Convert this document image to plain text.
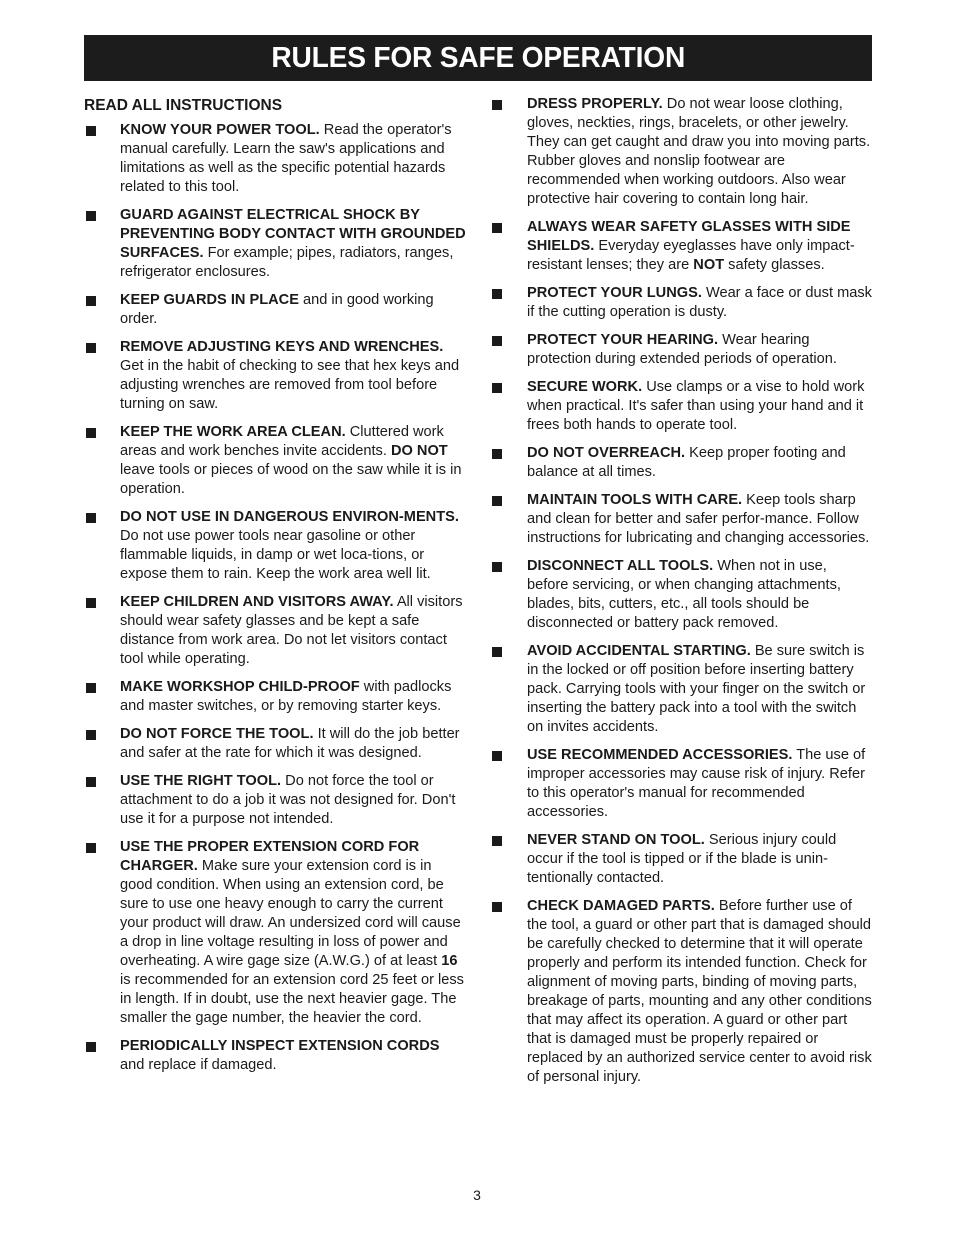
RULES FOR SAFE OPERATION
READ ALL INSTRUCTIONS
KNOW YOUR POWER TOOL. Read the operator's manual carefully. Learn the saw's applications and limitations as well as the specific potential hazards related to this tool.
GUARD AGAINST ELECTRICAL SHOCK BY PREVENTING BODY CONTACT WITH GROUNDED SURFACES. For example; pipes, radiators, ranges, refrigerator enclosures.
KEEP GUARDS IN PLACE and in good working order.
REMOVE ADJUSTING KEYS AND WRENCHES. Get in the habit of checking to see that hex keys and adjusting wrenches are removed from tool before turning on saw.
KEEP THE WORK AREA CLEAN. Cluttered work areas and work benches invite accidents. DO NOT leave tools or pieces of wood on the saw while it is in operation.
DO NOT USE IN DANGEROUS ENVIRON-MENTS. Do not use power tools near gasoline or other flammable liquids, in damp or wet loca-tions, or expose them to rain. Keep the work area well lit.
KEEP CHILDREN AND VISITORS AWAY. All visitors should wear safety glasses and be kept a safe distance from work area. Do not let visitors contact tool while operating.
MAKE WORKSHOP CHILD-PROOF with padlocks and master switches, or by removing starter keys.
DO NOT FORCE THE TOOL. It will do the job better and safer at the rate for which it was designed.
USE THE RIGHT TOOL. Do not force the tool or attachment to do a job it was not designed for. Don't use it for a purpose not intended.
USE THE PROPER EXTENSION CORD FOR CHARGER. Make sure your extension cord is in good condition. When using an extension cord, be sure to use one heavy enough to carry the current your product will draw. An undersized cord will cause a drop in line voltage resulting in loss of power and overheating. A wire gage size (A.W.G.) of at least 16 is recommended for an extension cord 25 feet or less in length. If in doubt, use the next heavier gage. The smaller the gage number, the heavier the cord.
PERIODICALLY INSPECT EXTENSION CORDS and replace if damaged.
DRESS PROPERLY. Do not wear loose clothing, gloves, neckties, rings, bracelets, or other jewelry. They can get caught and draw you into moving parts. Rubber gloves and nonslip footwear are recommended when working outdoors. Also wear protective hair covering to contain long hair.
ALWAYS WEAR SAFETY GLASSES WITH SIDE SHIELDS. Everyday eyeglasses have only impact-resistant lenses; they are NOT safety glasses.
PROTECT YOUR LUNGS. Wear a face or dust mask if the cutting operation is dusty.
PROTECT YOUR HEARING. Wear hearing protection during extended periods of operation.
SECURE WORK. Use clamps or a vise to hold work when practical. It's safer than using your hand and it frees both hands to operate tool.
DO NOT OVERREACH. Keep proper footing and balance at all times.
MAINTAIN TOOLS WITH CARE. Keep tools sharp and clean for better and safer perfor-mance. Follow instructions for lubricating and changing accessories.
DISCONNECT ALL TOOLS. When not in use, before servicing, or when changing attachments, blades, bits, cutters, etc., all tools should be disconnected or battery pack removed.
AVOID ACCIDENTAL STARTING. Be sure switch is in the locked or off position before inserting battery pack. Carrying tools with your finger on the switch or inserting the battery pack into a tool with the switch on invites accidents.
USE RECOMMENDED ACCESSORIES. The use of improper accessories may cause risk of injury. Refer to this operator's manual for recommended accessories.
NEVER STAND ON TOOL. Serious injury could occur if the tool is tipped or if the blade is unin-tentionally contacted.
CHECK DAMAGED PARTS. Before further use of the tool, a guard or other part that is damaged should be carefully checked to determine that it will operate properly and perform its intended function. Check for alignment of moving parts, binding of moving parts, breakage of parts, mounting and any other conditions that may affect its operation. A guard or other part that is damaged must be properly repaired or replaced by an authorized service center to avoid risk of personal injury.
3
